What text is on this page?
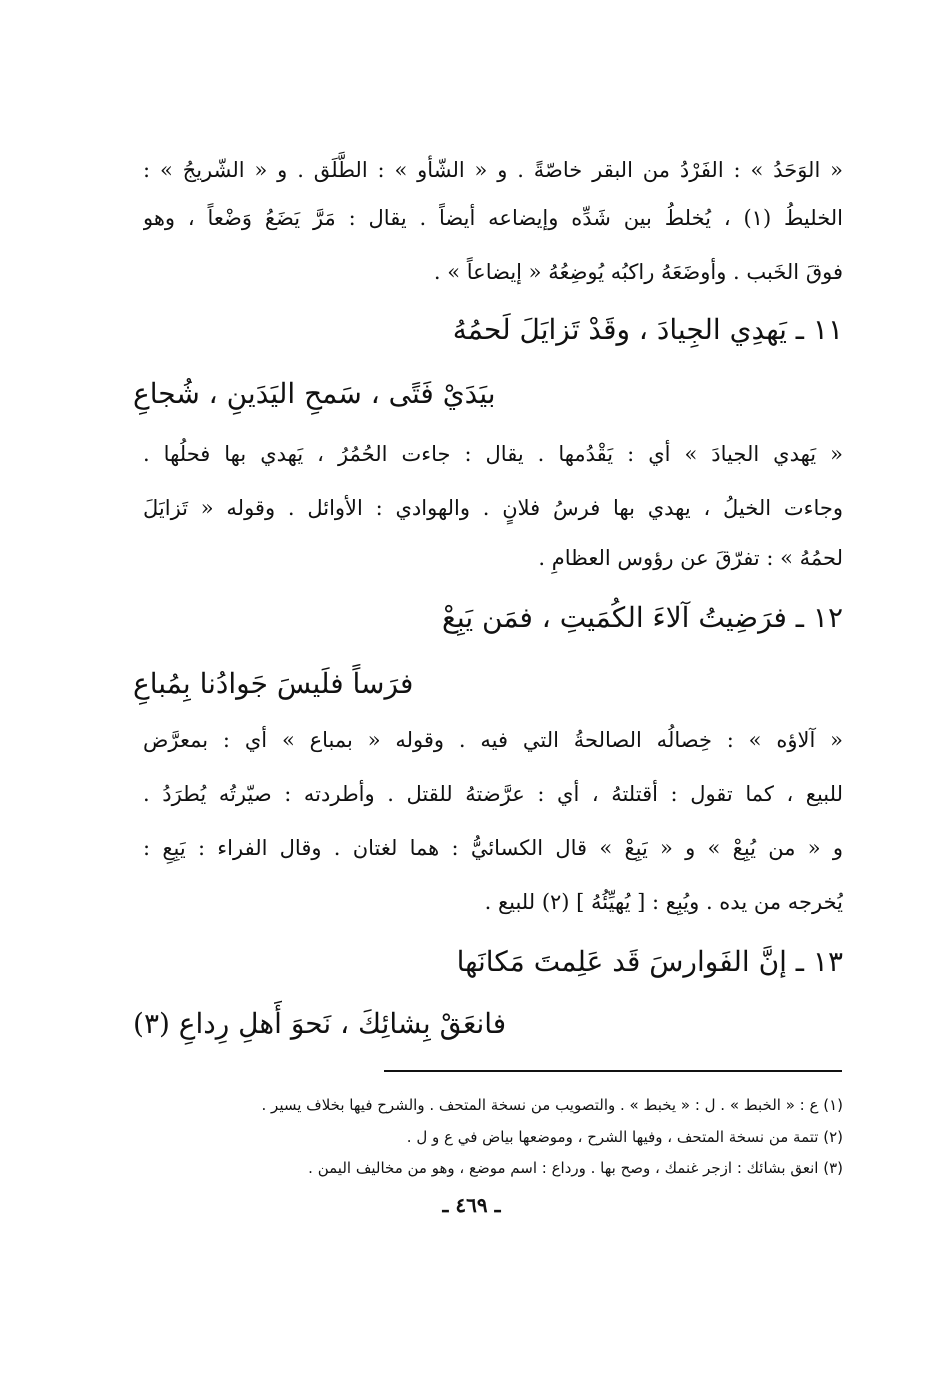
« الوَحَدُ » : الفَرْدُ من البقر خاصّةً . و « الشّأو » : الطَّلَق . و « الشّريجُ » :
الخليطُ (١) ، يُخلطُ بين شَدِّه وإيضاعه أيضاً . يقال : مَرَّ يَضَعُ وَضْعاً ، وهو
فوقَ الخَبب . وأوضَعَهُ راكبُه يُوضِعُهُ « إيضاعاً » .
١١ ـ يَهدِي الجِيادَ ، وقَدْ تَزايَلَ لَحمُهُ
بيَدَيْ فَتًى ، سَمحِ اليَدَينِ ، شُجاعِ
« يَهدي الجيادَ » أي : يَقْدُمها . يقال : جاءت الحُمُرُ ، يَهدي بها فحلُها .
وجاءت الخيلُ ، يهدي بها فرسُ فلانٍ . والهوادي : الأوائل . وقوله « تَزايَلَ
لحمُهُ » : تفرّقَ عن رؤوس العظامِ .
١٢ ـ فرَضِيتُ آلاءَ الكُمَيتِ ، فمَن يَبِعْ
فرَساً فلَيسَ جَوادُنا بِمُباعِ
« آلاؤه » : خِصالُه الصالحةُ التي فيه . وقوله « بمباع » أي : بمعرَّض
للبيع ، كما تقول : أقتلتهُ ، أي : عرَّضتهُ للقتل . وأطردته : صيّرتُه يُطرَدُ .
و « من يُبِعْ » و « يَبِعْ » قال الكسائيُّ : هما لغتان . وقال الفراء : يَبِعِ :
يُخرجه من يده . ويُبِع : [ يُهيِّئُهُ ] (٢) للبيع .
١٣ ـ إنَّ الفَوارسَ قَد عَلِمتَ مَكانَها
فانعَقْ بِشائِكَ ، نَحوَ أَهلِ رِداعِ (٣)
(١) ع : « الخبط » . ل : « يخبط » . والتصويب من نسخة المتحف . والشرح فيها بخلاف يسير .
(٢) تتمة من نسخة المتحف ، وفيها الشرح ، وموضعها بياض في ع و ل .
(٣) انعق بشائك : ازجر غنمك ، وصح بها . ورداع : اسم موضع ، وهو من مخاليف اليمن .
ـ ٤٦٩ ـ
